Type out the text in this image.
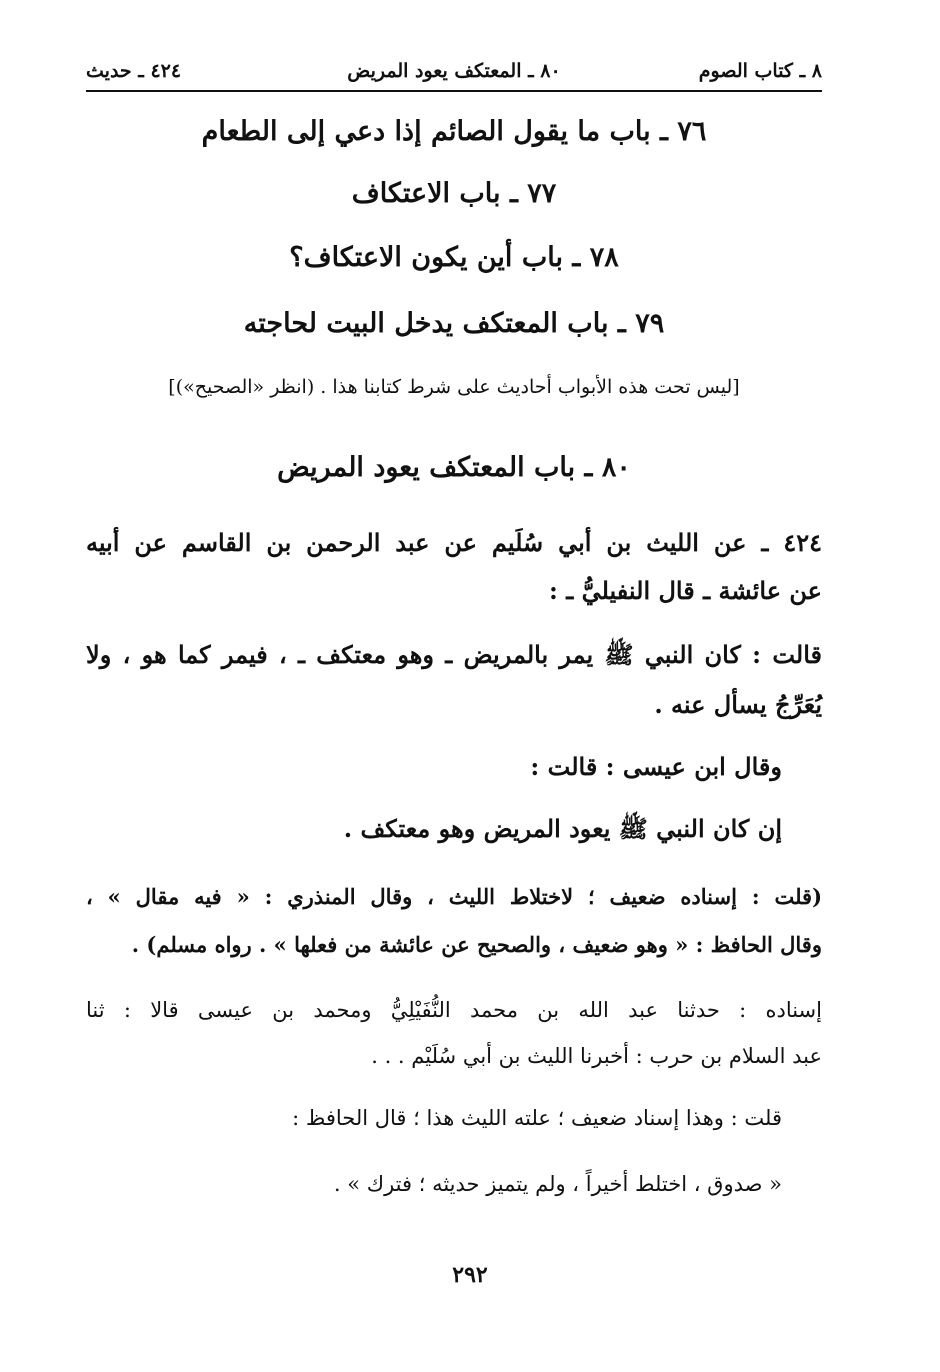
٨ ـ كتاب الصوم
٨٠ ـ المعتكف يعود المريض
٤٢٤ ـ حديث
٧٦ ـ باب ما يقول الصائم إذا دعي إلى الطعام
٧٧ ـ باب الاعتكاف
٧٨ ـ باب أين يكون الاعتكاف؟
٧٩ ـ باب المعتكف يدخل البيت لحاجته
[ليس تحت هذه الأبواب أحاديث على شرط كتابنا هذا . (انظر «الصحيح»)]
٨٠ ـ باب المعتكف يعود المريض
٤٢٤ ـ عن الليث بن أبي سُلَيم عن عبد الرحمن بن القاسم عن أبيه
عن عائشة ـ قال النفيليُّ ـ :
قالت : كان النبي ﷺ يمر بالمريض ـ وهو معتكف ـ ، فيمر كما هو ، ولا
يُعَرِّجُ يسأل عنه .
وقال ابن عيسى : قالت :
إن كان النبي ﷺ يعود المريض وهو معتكف .
(قلت : إسناده ضعيف ؛ لاختلاط الليث ، وقال المنذري : « فيه مقال » ،
وقال الحافظ : « وهو ضعيف ، والصحيح عن عائشة من فعلها » . رواه مسلم) .
إسناده : حدثنا عبد الله بن محمد النُّفَيْلِيُّ ومحمد بن عيسى قالا : ثنا
عبد السلام بن حرب : أخبرنا الليث بن أبي سُلَيْم . . .
قلت : وهذا إسناد ضعيف ؛ علته الليث هذا ؛ قال الحافظ :
« صدوق ، اختلط أخيراً ، ولم يتميز حديثه ؛ فترك » .
٢٩٢
